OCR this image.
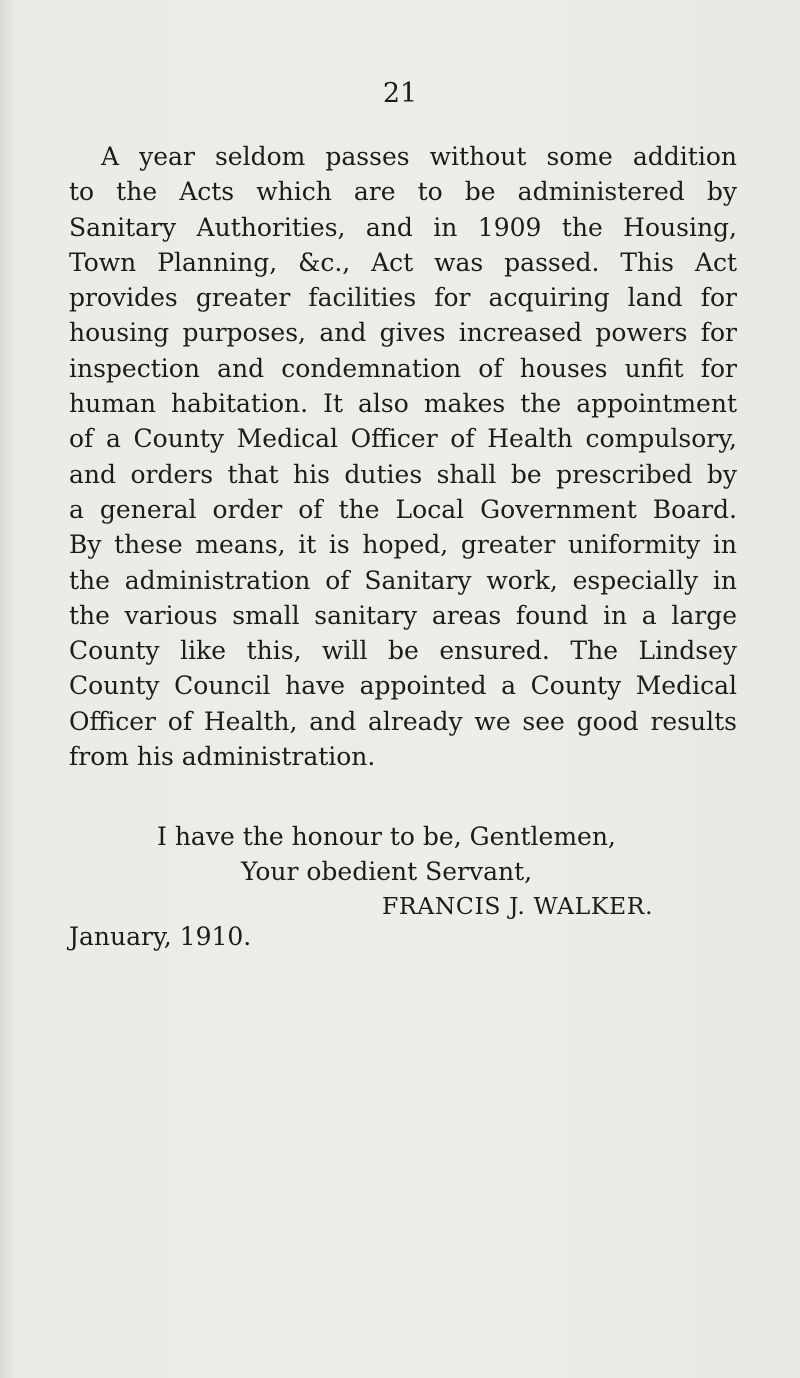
21
A year seldom passes without some addition
to the Acts which are to be administered by
Sanitary Authorities, and in 1909 the Housing,
Town Planning, &c., Act was passed. This Act
provides greater facilities for acquiring land for
housing purposes, and gives increased powers for
inspection and condemnation of houses unfit for
human habitation. It also makes the appointment
of a County Medical Officer of Health compulsory,
and orders that his duties shall be prescribed by
a general order of the Local Government Board.
By these means, it is hoped, greater uniformity in
the administration of Sanitary work, especially in
the various small sanitary areas found in a large
County like this, will be ensured. The Lindsey
County Council have appointed a County Medical
Officer of Health, and already we see good results
from his administration.
I have the honour to be, Gentlemen,
Your obedient Servant,
FRANCIS J. WALKER.
January, 1910.
